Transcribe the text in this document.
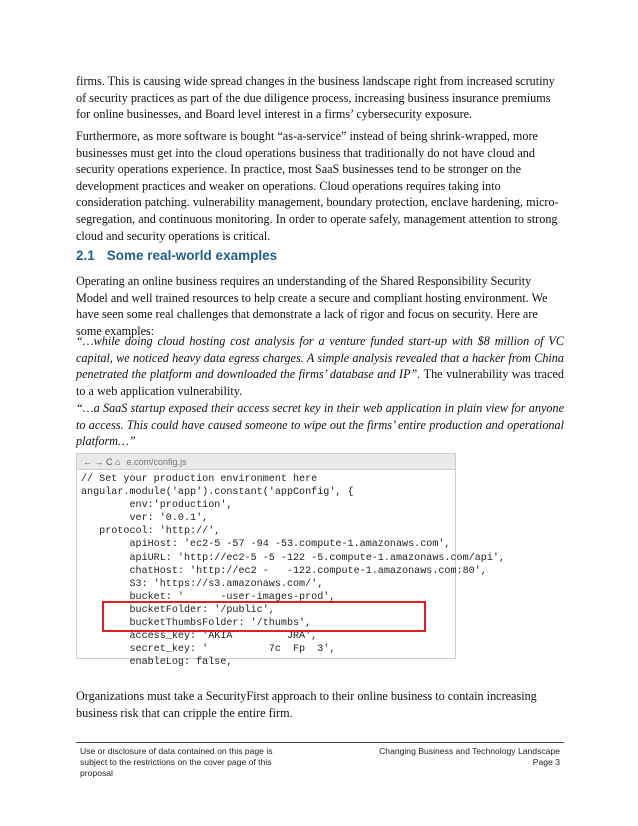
firms. This is causing wide spread changes in the business landscape right from increased scrutiny of security practices as part of the due diligence process, increasing business insurance premiums for online businesses, and Board level interest in a firms’ cybersecurity exposure.

Furthermore, as more software is bought “as-a-service” instead of being shrink-wrapped, more businesses must get into the cloud operations business that traditionally do not have cloud and security operations experience. In practice, most SaaS businesses tend to be stronger on the development practices and weaker on operations. Cloud operations requires taking into consideration patching. vulnerability management, boundary protection, enclave hardening, micro-segregation, and continuous monitoring. In order to operate safely, management attention to strong cloud and security operations is critical.

2.1 Some real-world examples

Operating an online business requires an understanding of the Shared Responsibility Security Model and well trained resources to help create a secure and compliant hosting environment. We have seen some real challenges that demonstrate a lack of rigor and focus on security. Here are some examples:

“…while doing cloud hosting cost analysis for a venture funded start-up with $8 million of VC capital, we noticed heavy data egress charges. A simple analysis revealed that a hacker from China penetrated the platform and downloaded the firms’ database and IP”. The vulnerability was traced to a web application vulnerability.

“…a SaaS startup exposed their access secret key in their web application in plain view for anyone to access. This could have caused someone to wipe out the firms’ entire production and operational platform…”

← → C ⌂ e.com/config.js
// Set your production environment here
angular.module('app').constant('appConfig', {
env:'production',
ver: '0.0.1',
protocol: 'http://',
apiHost: 'ec2-5 -57 -94 -53.compute-1.amazonaws.com',
apiURL: 'http://ec2-5 -5 -122 -5.compute-1.amazonaws.com/api',
chatHost: 'http://ec2 -   -122.compute-1.amazonaws.com:80',
S3: 'https://s3.amazonaws.com/',
bucket: '      -user-images-prod',
bucketFolder: '/public',
bucketThumbsFolder: '/thumbs',
access_key: 'AKIA         JRA',
secret_key: '          7c  Fp  3',
enableLog: false,

Organizations must take a SecurityFirst approach to their online business to contain increasing business risk that can cripple the entire firm.

Use or disclosure of data contained on this page is
subject to the restrictions on the cover page of this
proposal
Changing Business and Technology Landscape
Page 3
